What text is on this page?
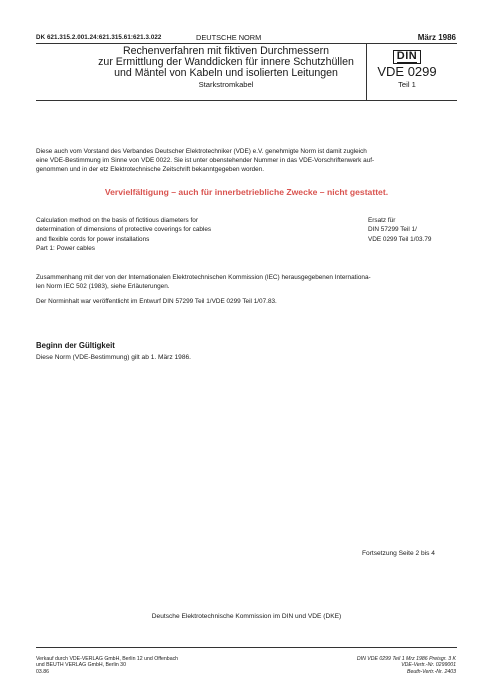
DK 621.315.2.001.24:621.315.61:621.3.022	DEUTSCHE NORM	März 1986
Rechenverfahren mit fiktiven Durchmessern
zur Ermittlung der Wanddicken für innere Schutzhüllen
und Mäntel von Kabeln und isolierten Leitungen
Starkstromkabel
DIN
VDE 0299
Teil 1
Diese auch vom Vorstand des Verbandes Deutscher Elektrotechniker (VDE) e.V. genehmigte Norm ist damit zugleich
eine VDE-Bestimmung im Sinne von VDE 0022. Sie ist unter obenstehender Nummer in das VDE-Vorschriftenwerk auf-
genommen und in der etz Elektrotechnische Zeitschrift bekanntgegeben worden.
Vervielfältigung – auch für innerbetriebliche Zwecke – nicht gestattet.
Calculation method on the basis of fictitious diameters for
determination of dimensions of protective coverings for cables
and flexible cords for power installations
Part 1: Power cables
Ersatz für
DIN 57299 Teil 1/
VDE 0299 Teil 1/03.79
Zusammenhang mit der von der Internationalen Elektrotechnischen Kommission (IEC) herausgegebenen Internationa-
len Norm IEC 502 (1983), siehe Erläuterungen.
Der Norminhalt war veröffentlicht im Entwurf DIN 57299 Teil 1/VDE 0299 Teil 1/07.83.
Beginn der Gültigkeit
Diese Norm (VDE-Bestimmung) gilt ab 1. März 1986.
Fortsetzung Seite 2 bis 4
Deutsche Elektrotechnische Kommission im DIN und VDE (DKE)
Verkauf durch VDE-VERLAG GmbH, Berlin 12 und Offenbach
und BEUTH VERLAG GmbH, Berlin 30
03.86
DIN VDE 0299 Teil 1 Mrz 1986 Preisgr. 3 K
VDE-Vertr.-Nr. 0299001
Beuth-Vertr.-Nr. 2403
